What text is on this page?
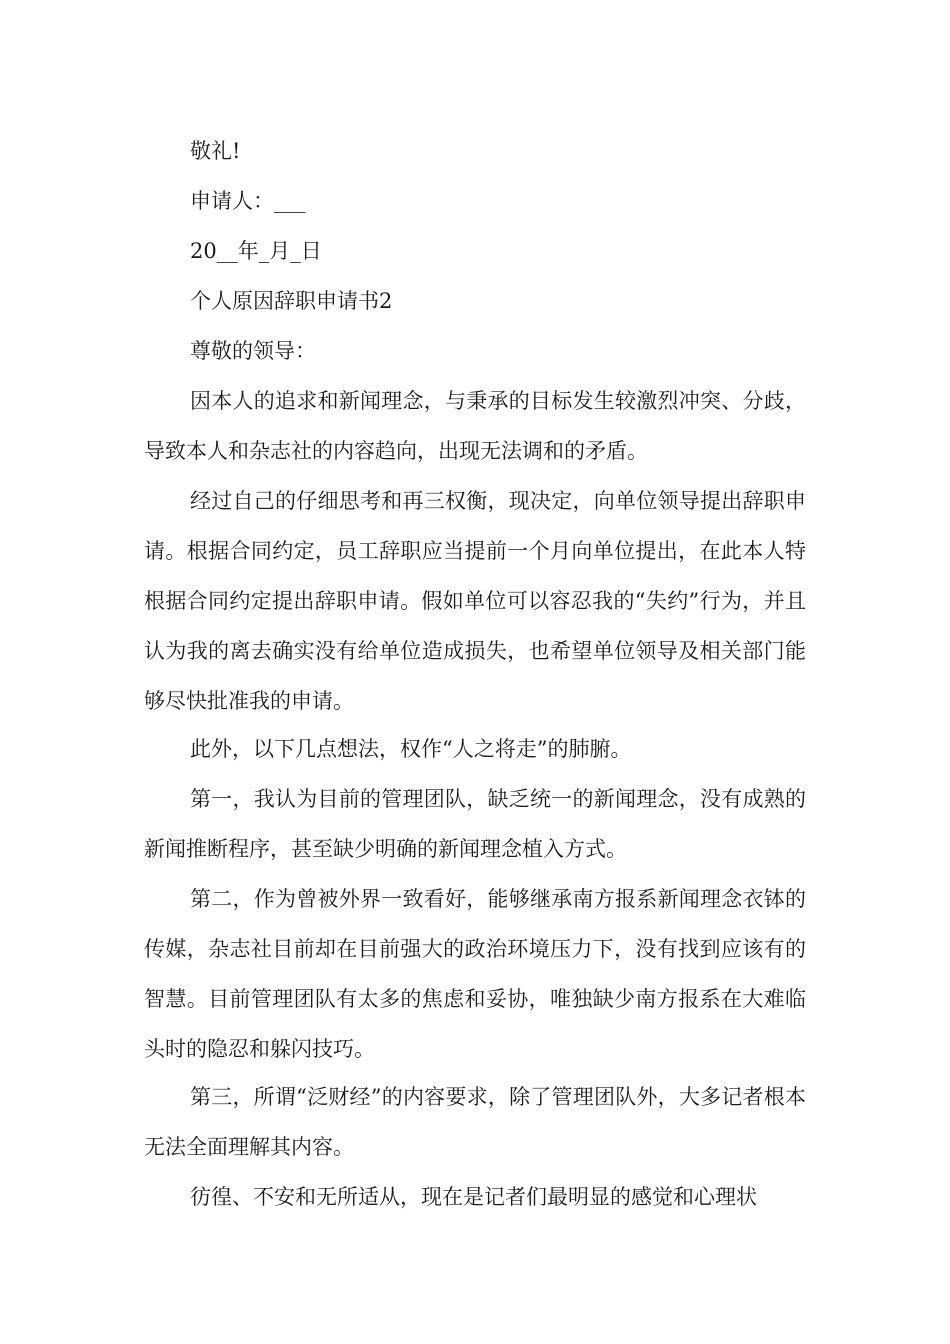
敬礼!
申请人：___
20__年_月_日
个人原因辞职申请书2
尊敬的领导：

因本人的追求和新闻理念，与秉承的目标发生较激烈冲突、分歧，导致本人和杂志社的内容趋向，出现无法调和的矛盾。

经过自己的仔细思考和再三权衡，现决定，向单位领导提出辞职申请。根据合同约定，员工辞职应当提前一个月向单位提出，在此本人特根据合同约定提出辞职申请。假如单位可以容忍我的“失约”行为，并且认为我的离去确实没有给单位造成损失，也希望单位领导及相关部门能够尽快批准我的申请。

此外，以下几点想法，权作“人之将走”的肺腑。

第一，我认为目前的管理团队，缺乏统一的新闻理念，没有成熟的新闻推断程序，甚至缺少明确的新闻理念植入方式。

第二，作为曾被外界一致看好，能够继承南方报系新闻理念衣钵的传媒，杂志社目前却在目前强大的政治环境压力下，没有找到应该有的智慧。目前管理团队有太多的焦虑和妥协，唯独缺少南方报系在大难临头时的隐忍和躲闪技巧。

第三，所谓“泛财经”的内容要求，除了管理团队外，大多记者根本无法全面理解其内容。

彷徨、不安和无所适从，现在是记者们最明显的感觉和心理状
